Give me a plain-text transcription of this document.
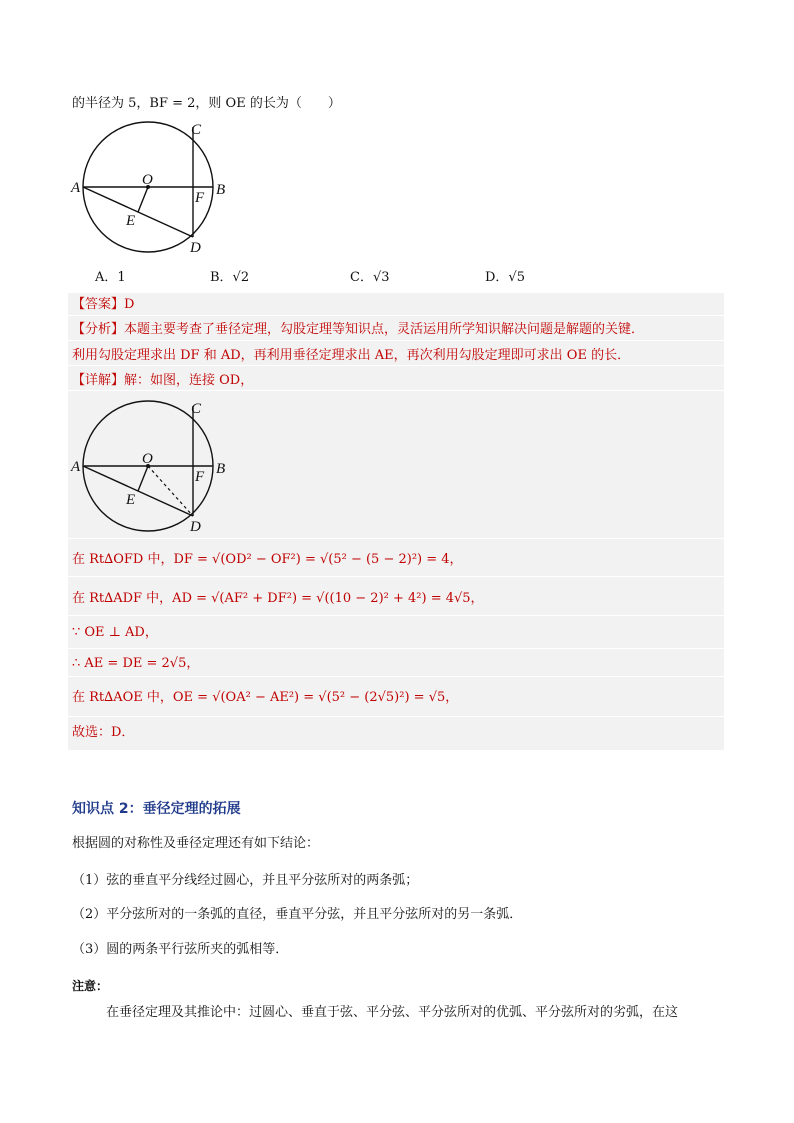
的半径为 5，BF = 2，则 OE 的长为（　　）
A	B
C
D
E
F
O
A．1	B．√2	C．√3	D．√5
【答案】D
【分析】本题主要考查了垂径定理，勾股定理等知识点，灵活运用所学知识解决问题是解题的关键．
利用勾股定理求出 DF 和 AD，再利用垂径定理求出 AE，再次利用勾股定理即可求出 OE 的长．
【详解】解：如图，连接 OD，
A	B
C
D
E
F
O
在 Rt∆OFD 中，DF = √(OD² − OF²) = √(5² − (5 − 2)²) = 4，
在 Rt∆ADF 中，AD = √(AF² + DF²) = √((10 − 2)² + 4²) = 4√5，
∵ OE ⊥ AD，
∴ AE = DE = 2√5，
在 Rt∆AOE 中，OE = √(OA² − AE²) = √(5² − (2√5)²) = √5，
故选：D．
知识点 2：垂径定理的拓展
根据圆的对称性及垂径定理还有如下结论：
（1）弦的垂直平分线经过圆心，并且平分弦所对的两条弧；
（2）平分弦所对的一条弧的直径，垂直平分弦，并且平分弦所对的另一条弧．
（3）圆的两条平行弦所夹的弧相等．
注意：
在垂径定理及其推论中：过圆心、垂直于弦、平分弦、平分弦所对的优弧、平分弦所对的劣弧，在这
